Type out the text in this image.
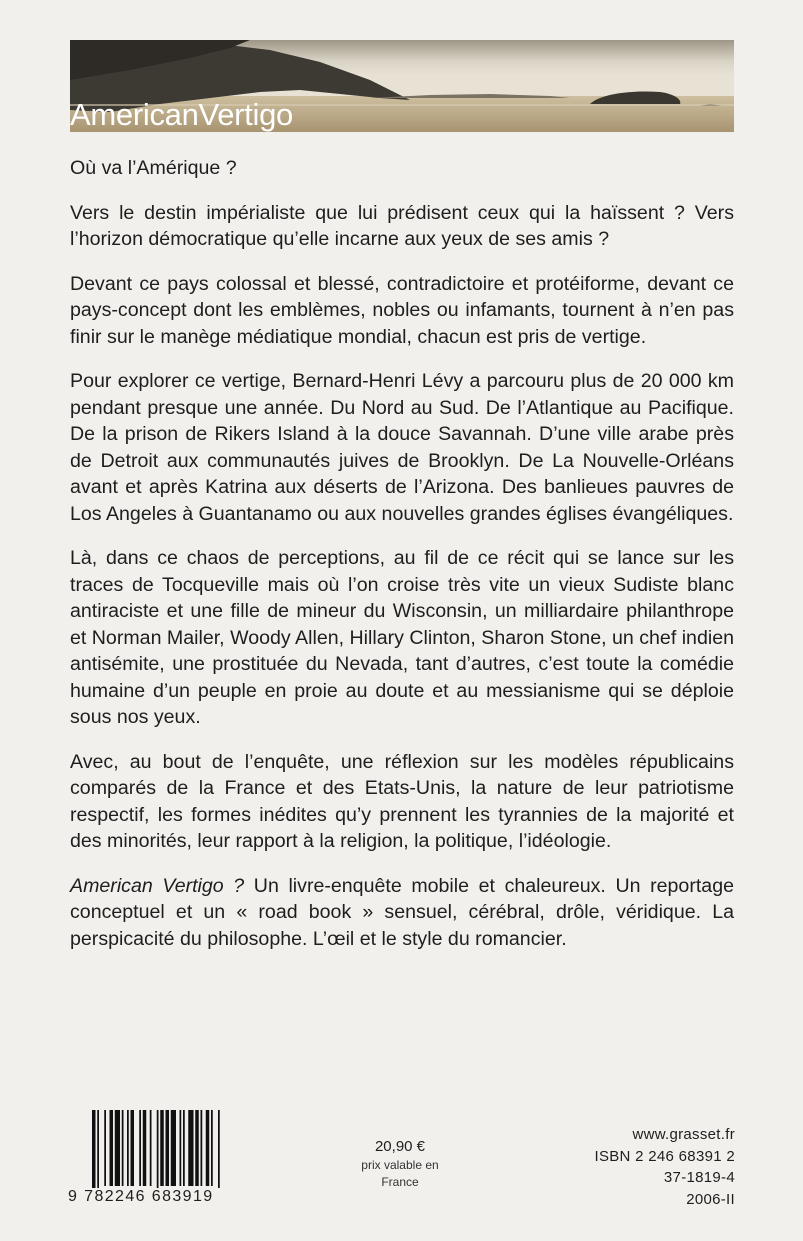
AmericanVertigo

Où va l’Amérique ?

Vers le destin impérialiste que lui prédisent ceux qui la haïssent ? Vers l’horizon démocratique qu’elle incarne aux yeux de ses amis ?

Devant ce pays colossal et blessé, contradictoire et protéiforme, devant ce pays-concept dont les emblèmes, nobles ou infamants, tournent à n’en pas finir sur le manège médiatique mondial, chacun est pris de vertige.

Pour explorer ce vertige, Bernard-Henri Lévy a parcouru plus de 20 000 km pendant presque une année. Du Nord au Sud. De l’Atlantique au Pacifique. De la prison de Rikers Island à la douce Savannah. D’une ville arabe près de Detroit aux communautés juives de Brooklyn. De La Nouvelle-Orléans avant et après Katrina aux déserts de l’Arizona. Des banlieues pauvres de Los Angeles à Guantanamo ou aux nouvelles grandes églises évangéliques.

Là, dans ce chaos de perceptions, au fil de ce récit qui se lance sur les traces de Tocqueville mais où l’on croise très vite un vieux Sudiste blanc antiraciste et une fille de mineur du Wisconsin, un milliardaire philanthrope et Norman Mailer, Woody Allen, Hillary Clinton, Sharon Stone, un chef indien antisémite, une prostituée du Nevada, tant d’autres, c’est toute la comédie humaine d’un peuple en proie au doute et au messianisme qui se déploie sous nos yeux.

Avec, au bout de l’enquête, une réflexion sur les modèles républicains comparés de la France et des Etats-Unis, la nature de leur patriotisme respectif, les formes inédites qu’y prennent les tyrannies de la majorité et des minorités, leur rapport à la religion, la politique, l’idéologie.

American Vertigo ? Un livre-enquête mobile et chaleureux. Un reportage conceptuel et un « road book » sensuel, cérébral, drôle, véridique. La perspicacité du philosophe. L’œil et le style du romancier.

9 782246 683919
20,90 €
prix valable en
France
www.grasset.fr
ISBN 2 246 68391 2
37-1819-4
2006-II
